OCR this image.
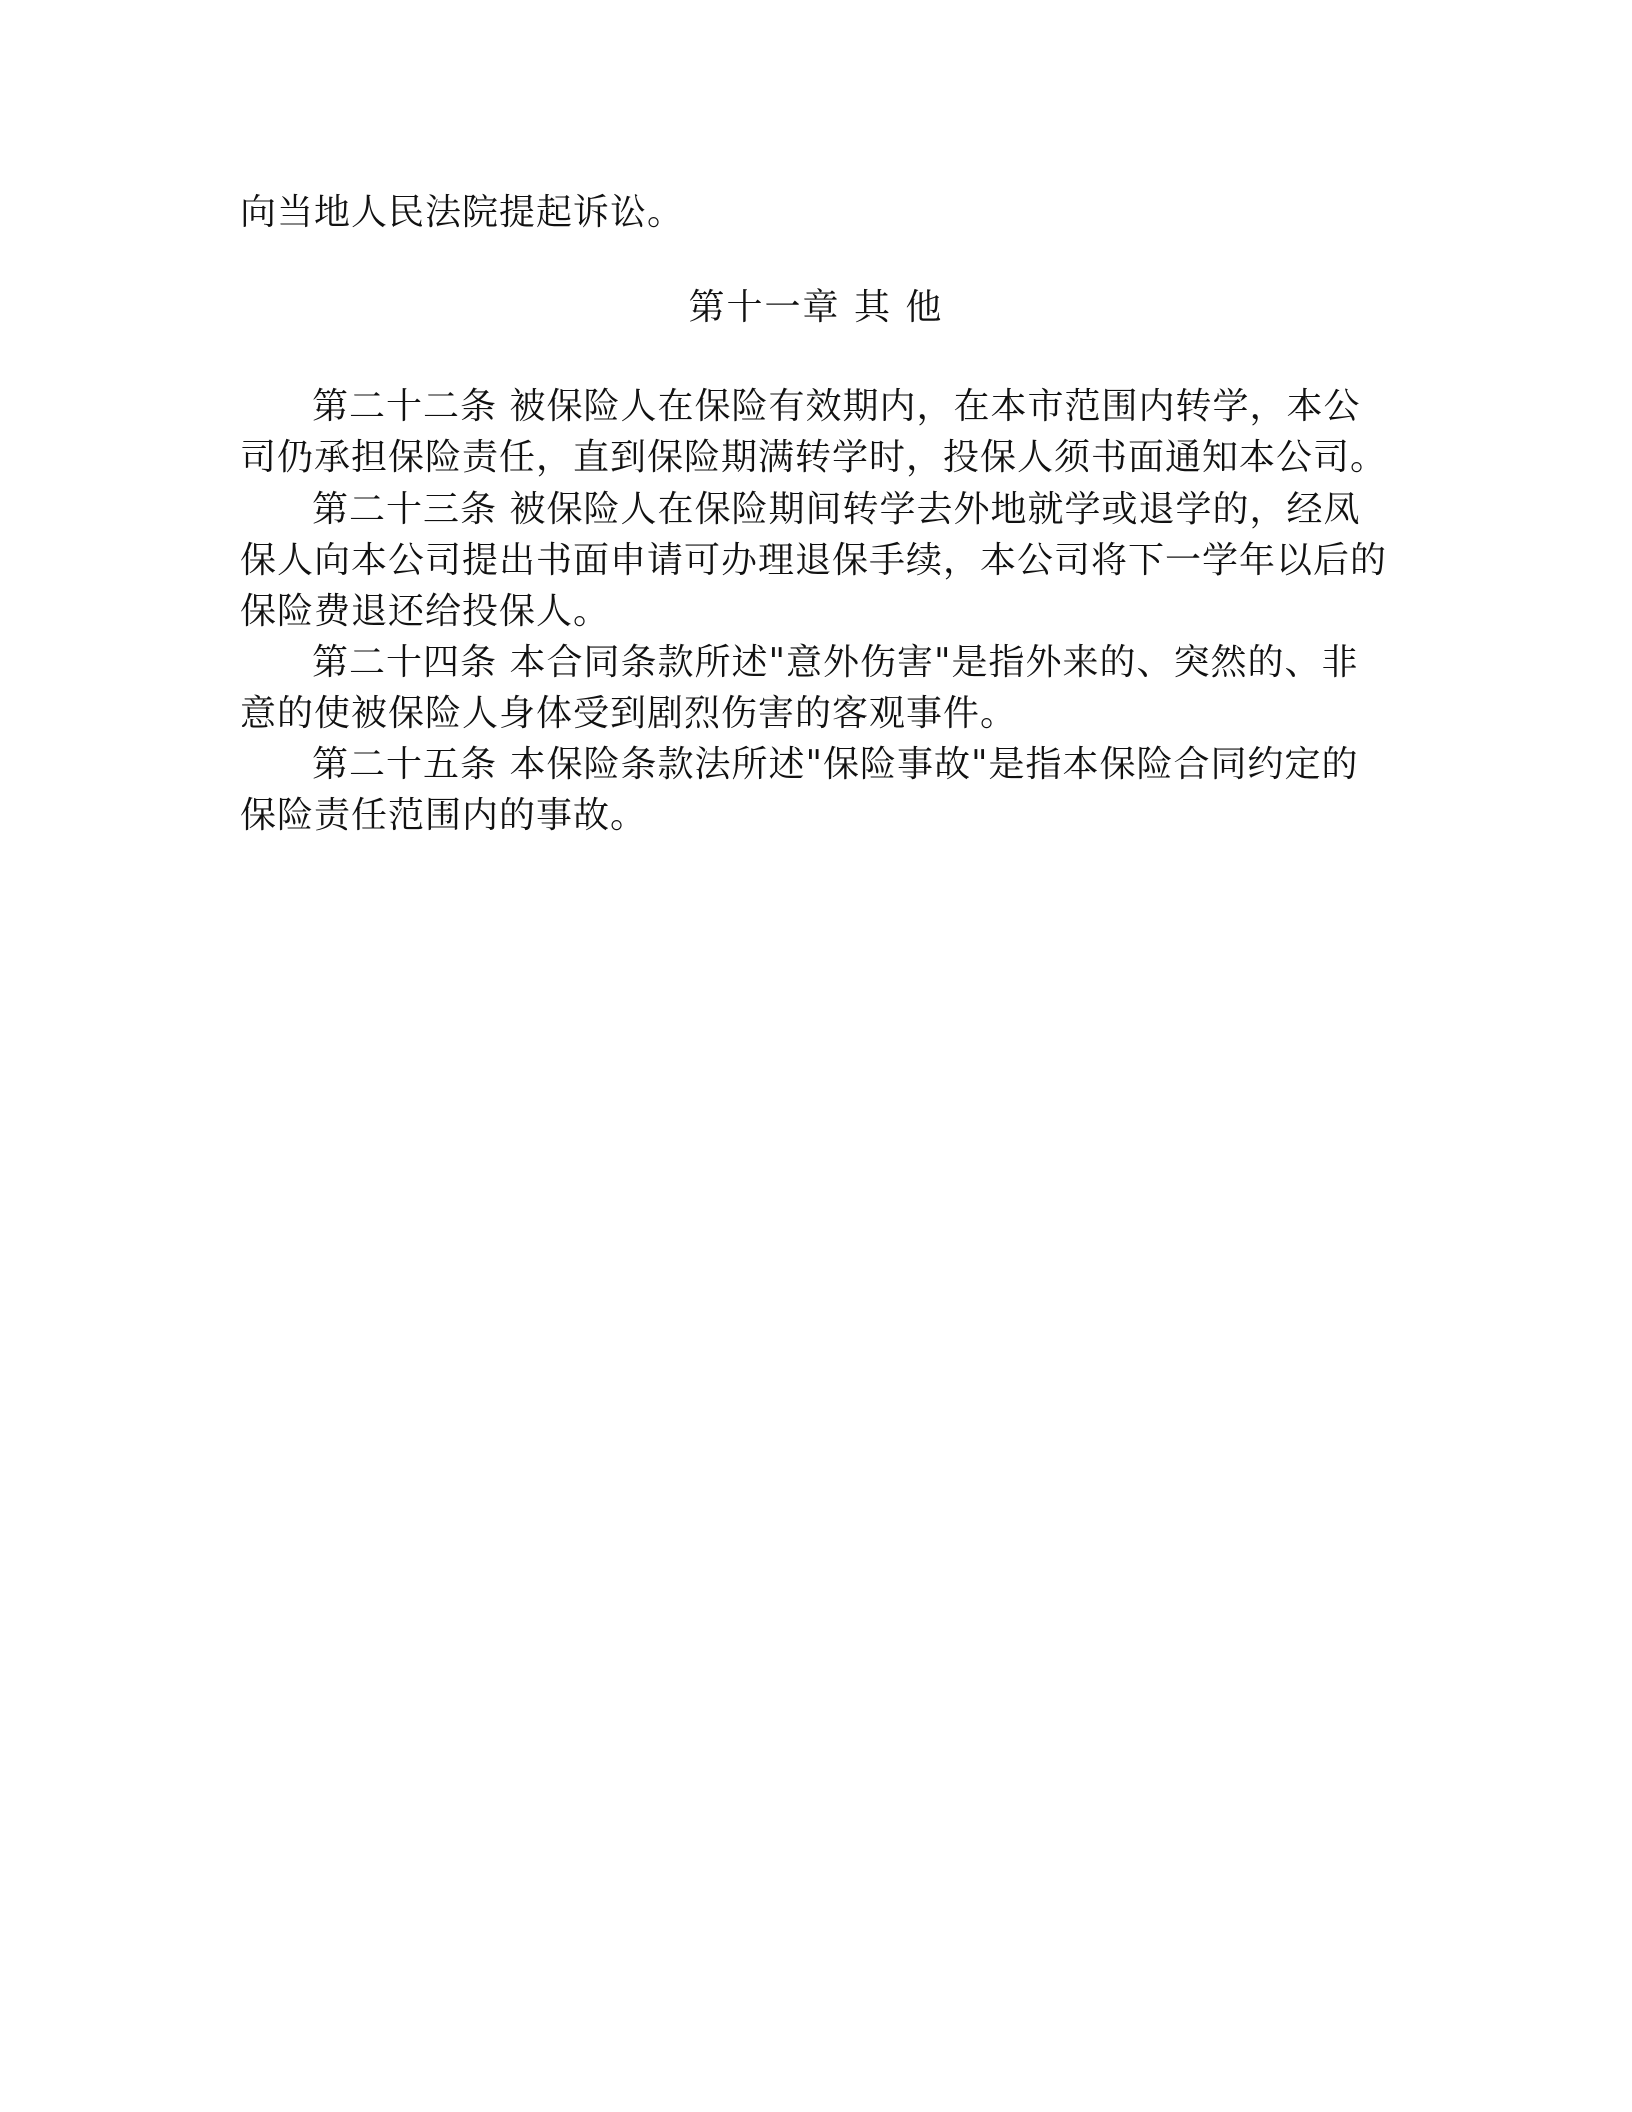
向当地人民法院提起诉讼。
第十一章 其 他
第二十二条 被保险人在保险有效期内，在本市范围内转学，本公
司仍承担保险责任，直到保险期满转学时，投保人须书面通知本公司。
第二十三条 被保险人在保险期间转学去外地就学或退学的，经凤
保人向本公司提出书面申请可办理退保手续，本公司将下一学年以后的
保险费退还给投保人。
第二十四条 本合同条款所述"意外伤害"是指外来的、突然的、非
意的使被保险人身体受到剧烈伤害的客观事件。
第二十五条 本保险条款法所述"保险事故"是指本保险合同约定的
保险责任范围内的事故。
